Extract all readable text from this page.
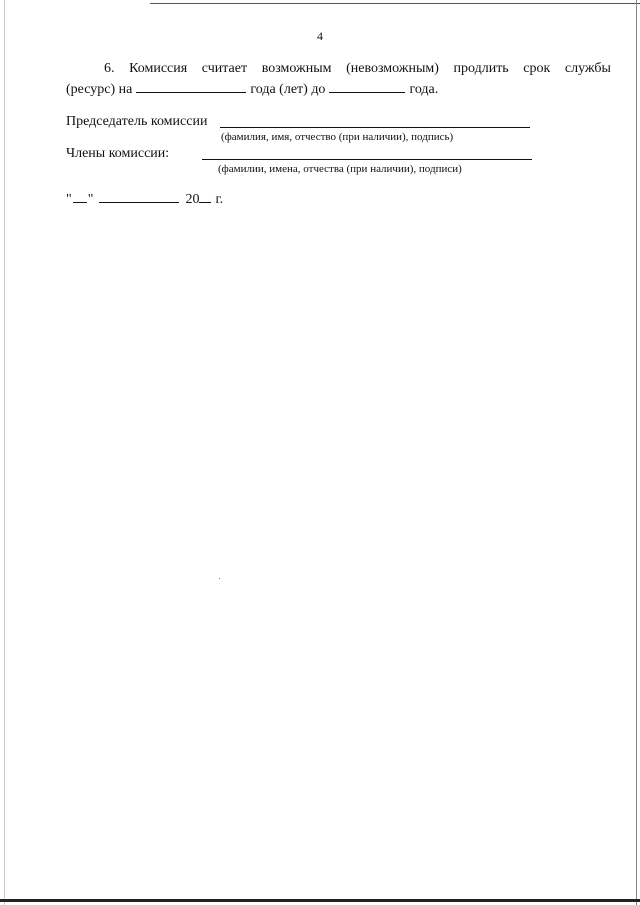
4
6. Комиссия считает возможным (невозможным) продлить срок службы
(ресурс) на	года (лет) до	года.
Председатель комиссии
(фамилия, имя, отчество (при наличии), подпись)
Члены комиссии:
(фамилии, имена, отчества (при наличии), подписи)
" "	20 г.
